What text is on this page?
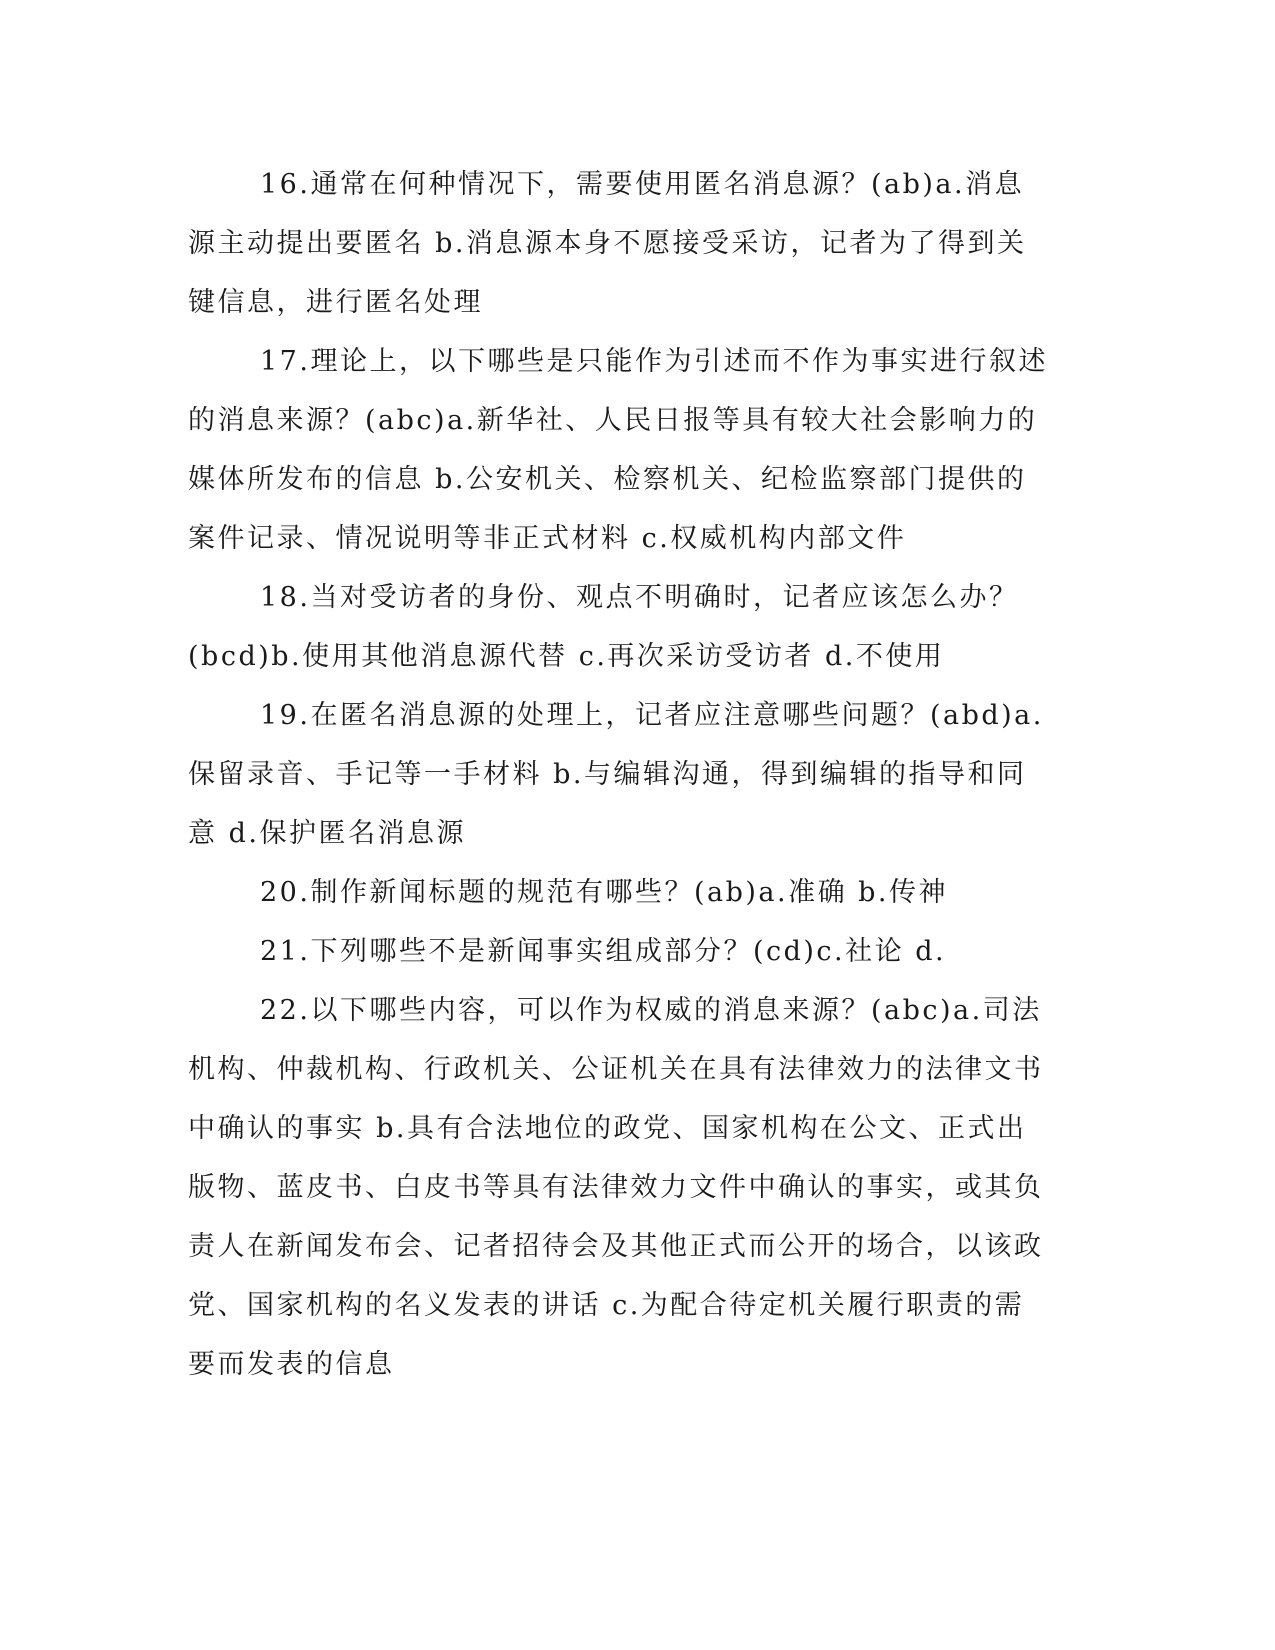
16.通常在何种情况下，需要使用匿名消息源？(ab)a.消息源主动提出要匿名 b.消息源本身不愿接受采访，记者为了得到关键信息，进行匿名处理

17.理论上，以下哪些是只能作为引述而不作为事实进行叙述的消息来源？(abc)a.新华社、人民日报等具有较大社会影响力的媒体所发布的信息 b.公安机关、检察机关、纪检监察部门提供的案件记录、情况说明等非正式材料 c.权威机构内部文件

18.当对受访者的身份、观点不明确时，记者应该怎么办？(bcd)b.使用其他消息源代替 c.再次采访受访者 d.不使用

19.在匿名消息源的处理上，记者应注意哪些问题？(abd)a.保留录音、手记等一手材料 b.与编辑沟通，得到编辑的指导和同意 d.保护匿名消息源

20.制作新闻标题的规范有哪些？(ab)a.准确 b.传神

21.下列哪些不是新闻事实组成部分？(cd)c.社论 d.

22.以下哪些内容，可以作为权威的消息来源？(abc)a.司法机构、仲裁机构、行政机关、公证机关在具有法律效力的法律文书中确认的事实 b.具有合法地位的政党、国家机构在公文、正式出版物、蓝皮书、白皮书等具有法律效力文件中确认的事实，或其负责人在新闻发布会、记者招待会及其他正式而公开的场合，以该政党、国家机构的名义发表的讲话 c.为配合待定机关履行职责的需要而发表的信息
